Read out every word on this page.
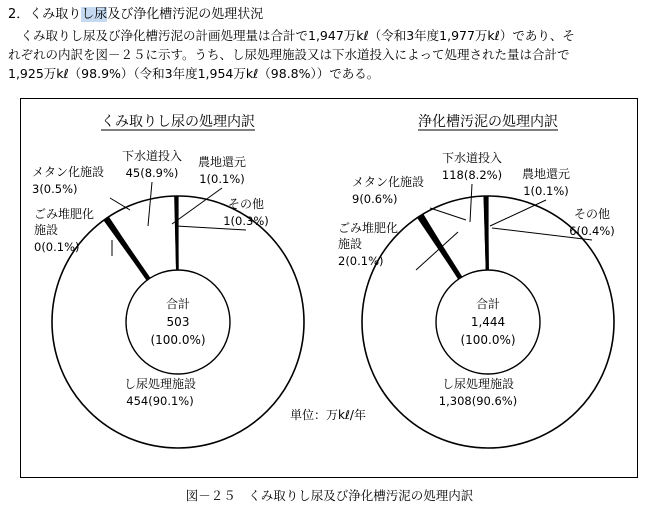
2．くみ取りし尿及び浄化槽汚泥の処理状況
　くみ取りし尿及び浄化槽汚泥の計画処理量は合計で1,947万kℓ（令和3年度1,977万kℓ）であり、そ
れぞれの内訳を図－２５に示す。うち、し尿処理施設又は下水道投入によって処理された量は合計で
1,925万kℓ（98.9%）（令和3年度1,954万kℓ（98.8%））である。
くみ取りし尿の処理内訳
合計
503
(100.0%)
し尿処理施設
454(90.1%)
ごみ堆肥化
施設
0(0.1%)
メタン化施設
3(0.5%)
下水道投入
45(8.9%)
農地還元
1(0.1%)
その他
1(0.3%)
浄化槽汚泥の処理内訳
合計
1,444
(100.0%)
し尿処理施設
1,308(90.6%)
ごみ堆肥化
施設
2(0.1%)
メタン化施設
9(0.6%)
下水道投入
118(8.2%) 農地還元
1(0.1%)
その他
6(0.4%)
単位：万kℓ/年
図－２５　くみ取りし尿及び浄化槽汚泥の処理内訳
